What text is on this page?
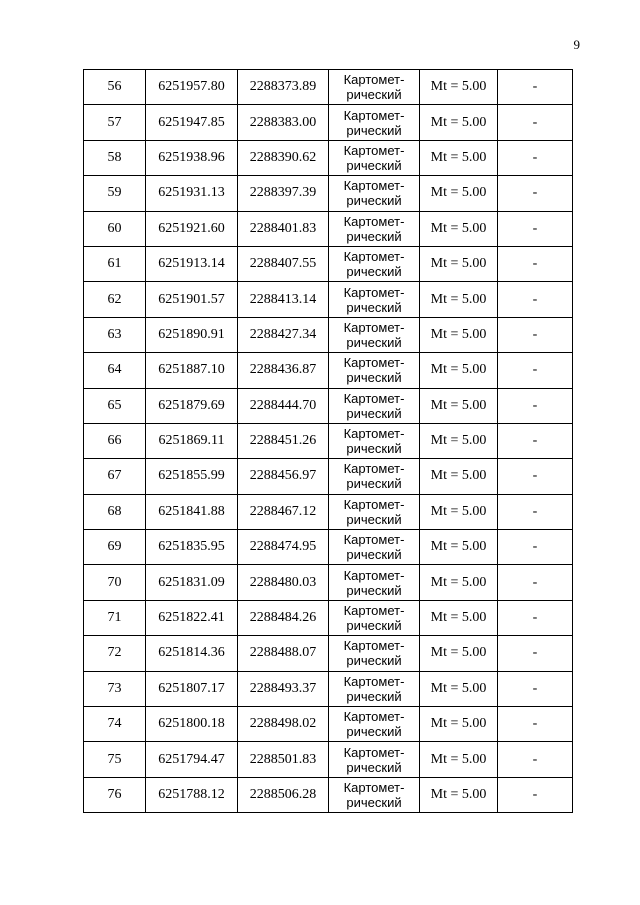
9
56	6251957.80	2288373.89	Картомет-
рический	Mt = 5.00	-
57	6251947.85	2288383.00	Картомет-
рический	Mt = 5.00	-
58	6251938.96	2288390.62	Картомет-
рический	Mt = 5.00	-
59	6251931.13	2288397.39	Картомет-
рический	Mt = 5.00	-
60	6251921.60	2288401.83	Картомет-
рический	Mt = 5.00	-
61	6251913.14	2288407.55	Картомет-
рический	Mt = 5.00	-
62	6251901.57	2288413.14	Картомет-
рический	Mt = 5.00	-
63	6251890.91	2288427.34	Картомет-
рический	Mt = 5.00	-
64	6251887.10	2288436.87	Картомет-
рический	Mt = 5.00	-
65	6251879.69	2288444.70	Картомет-
рический	Mt = 5.00	-
66	6251869.11	2288451.26	Картомет-
рический	Mt = 5.00	-
67	6251855.99	2288456.97	Картомет-
рический	Mt = 5.00	-
68	6251841.88	2288467.12	Картомет-
рический	Mt = 5.00	-
69	6251835.95	2288474.95	Картомет-
рический	Mt = 5.00	-
70	6251831.09	2288480.03	Картомет-
рический	Mt = 5.00	-
71	6251822.41	2288484.26	Картомет-
рический	Mt = 5.00	-
72	6251814.36	2288488.07	Картомет-
рический	Mt = 5.00	-
73	6251807.17	2288493.37	Картомет-
рический	Mt = 5.00	-
74	6251800.18	2288498.02	Картомет-
рический	Mt = 5.00	-
75	6251794.47	2288501.83	Картомет-
рический	Mt = 5.00	-
76	6251788.12	2288506.28	Картомет-
рический	Mt = 5.00	-
